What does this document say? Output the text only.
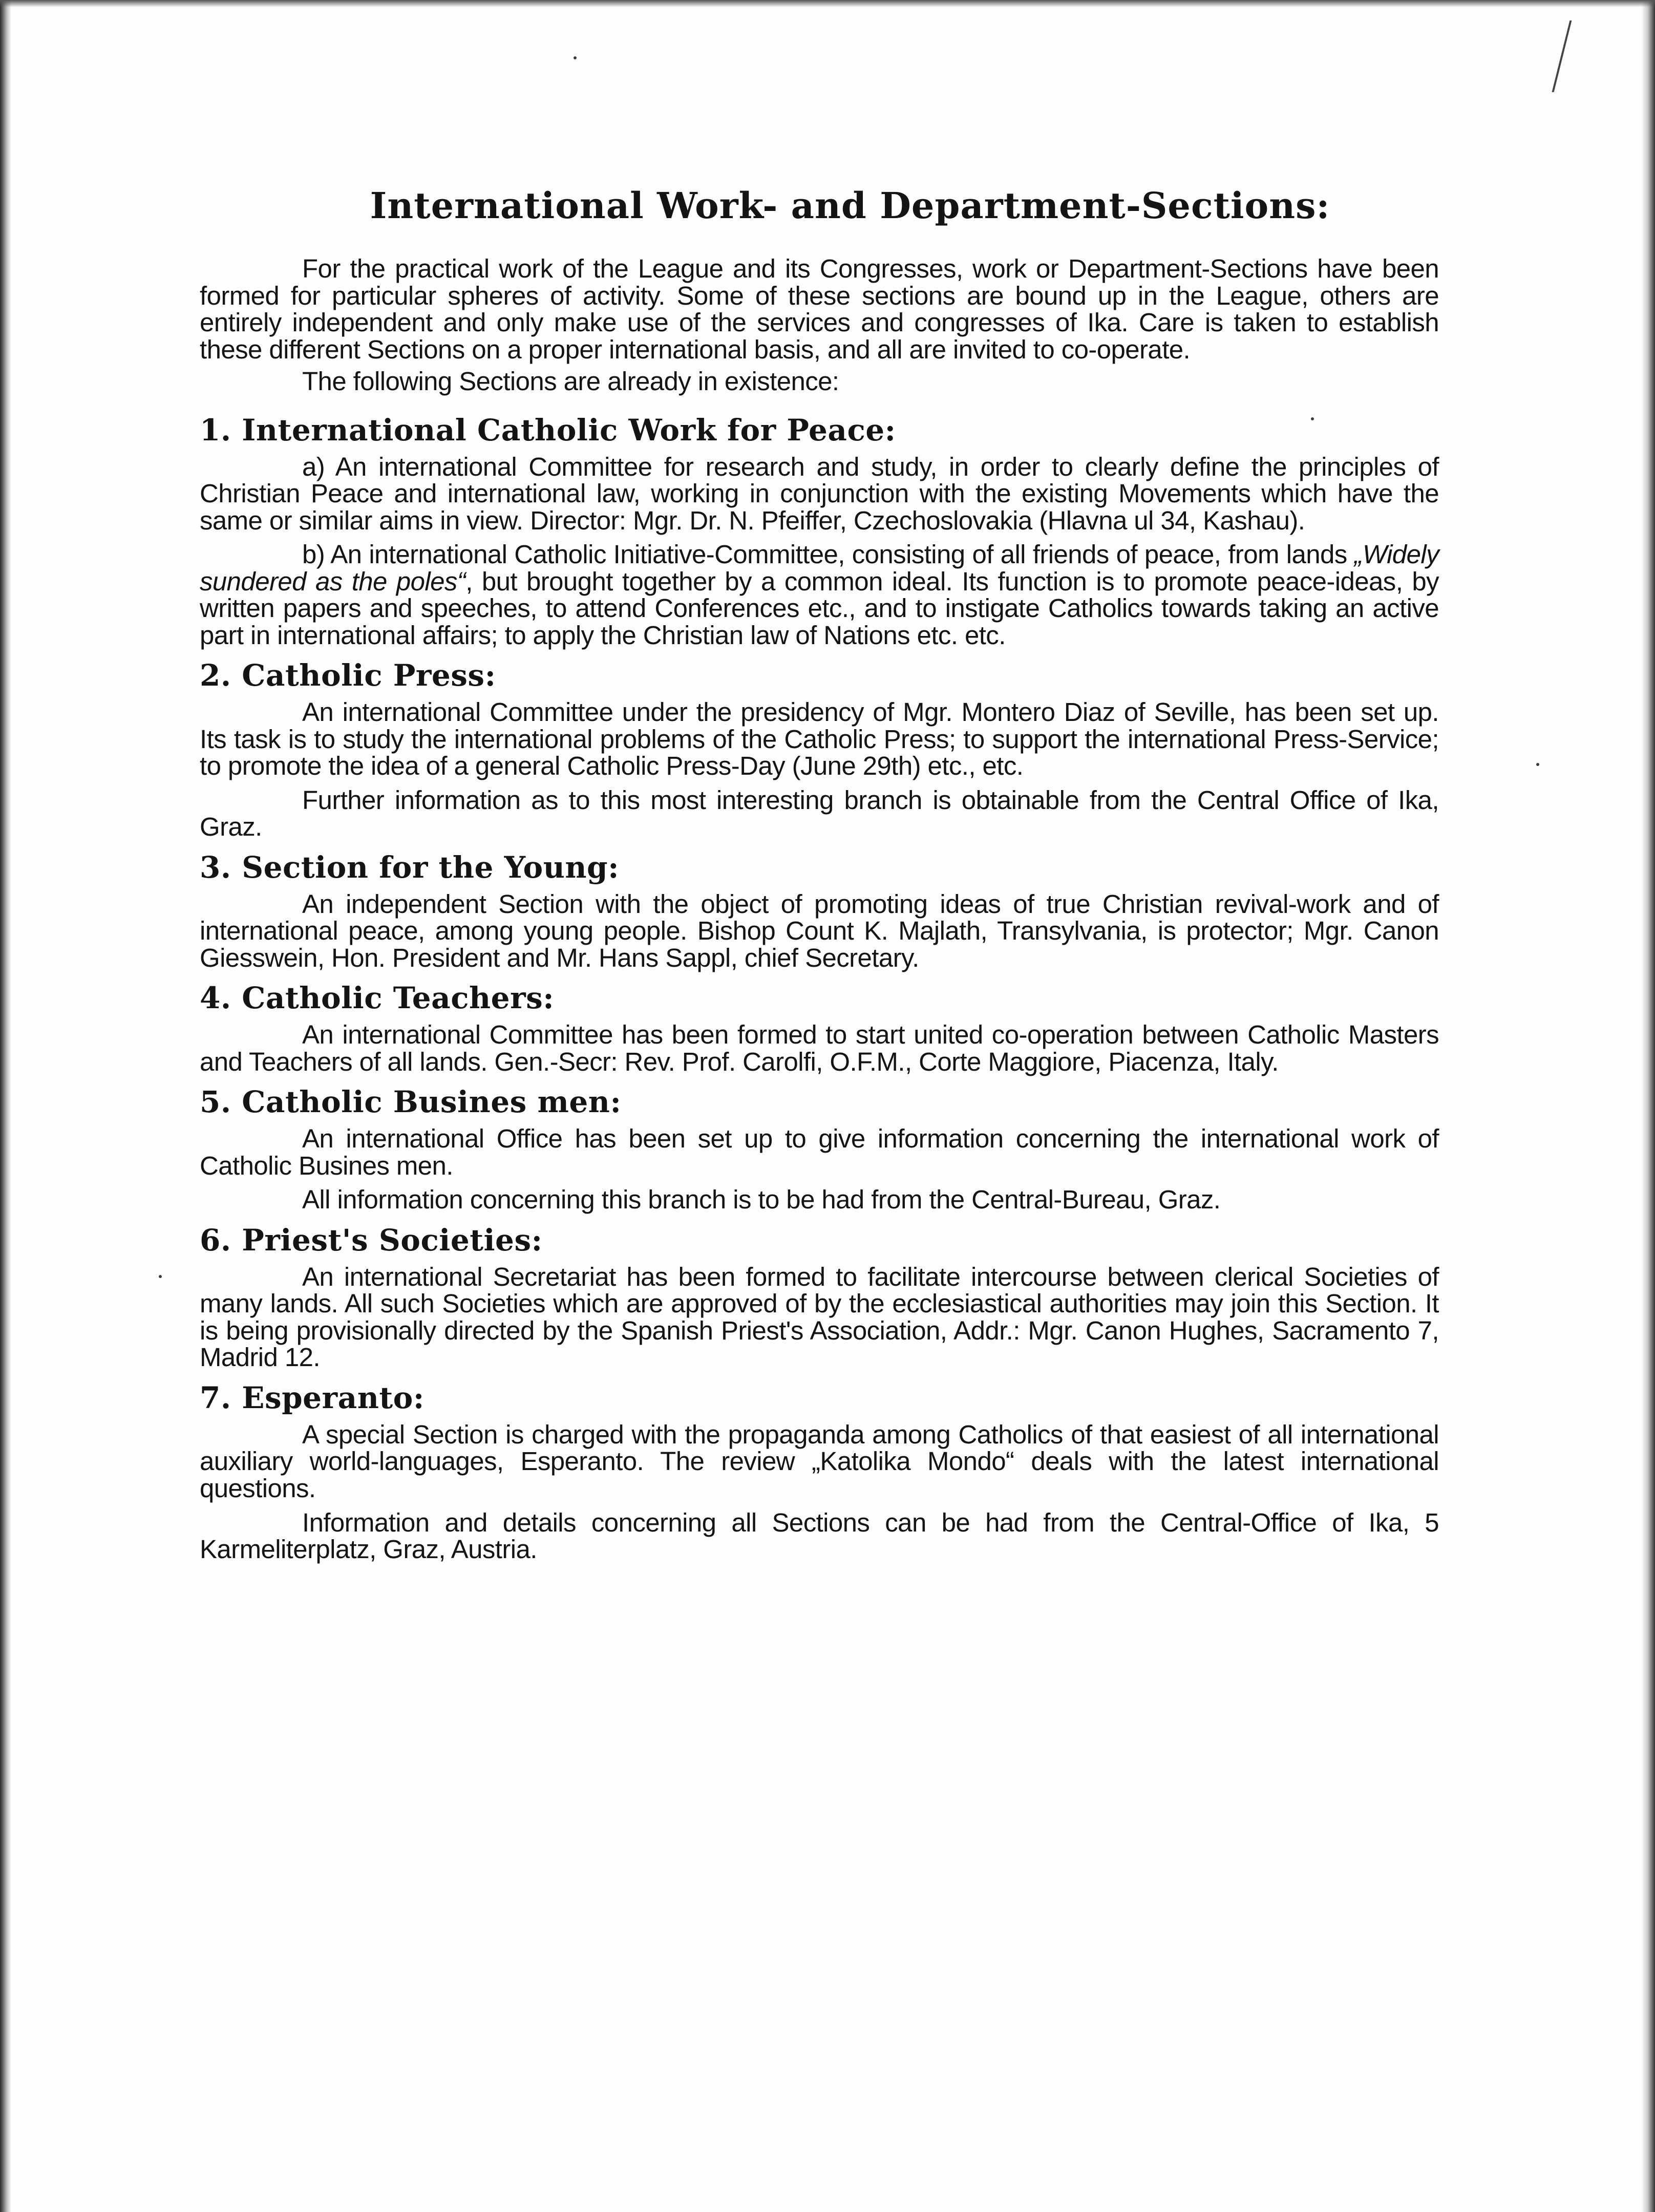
International Work- and Department-Sections:

For the practical work of the League and its Congresses, work or Department-Sections have been formed for particular spheres of activity. Some of these sections are bound up in the League, others are entirely independent and only make use of the services and congresses of Ika. Care is taken to establish these different Sections on a proper international basis, and all are invited to co-operate.

The following Sections are already in existence:

1. International Catholic Work for Peace:

a) An international Committee for research and study, in order to clearly define the principles of Christian Peace and international law, working in conjunction with the existing Movements which have the same or similar aims in view. Director: Mgr. Dr. N. Pfeiffer, Czechoslovakia (Hlavna ul 34, Kashau).

b) An international Catholic Initiative-Committee, consisting of all friends of peace, from lands „Widely sundered as the poles“, but brought together by a common ideal. Its function is to promote peace-ideas, by written papers and speeches, to attend Conferences etc., and to instigate Catholics towards taking an active part in international affairs; to apply the Christian law of Nations etc. etc.

2. Catholic Press:

An international Committee under the presidency of Mgr. Montero Diaz of Seville, has been set up. Its task is to study the international problems of the Catholic Press; to support the international Press-Service; to promote the idea of a general Catholic Press-Day (June 29th) etc., etc.

Further information as to this most interesting branch is obtainable from the Central Office of Ika, Graz.

3. Section for the Young:

An independent Section with the object of promoting ideas of true Christian revival-work and of international peace, among young people. Bishop Count K. Majlath, Transylvania, is protector; Mgr. Canon Giesswein, Hon. President and Mr. Hans Sappl, chief Secretary.

4. Catholic Teachers:

An international Committee has been formed to start united co-operation between Catholic Masters and Teachers of all lands. Gen.-Secr: Rev. Prof. Carolfi, O.F.M., Corte Maggiore, Piacenza, Italy.

5. Catholic Busines men:

An international Office has been set up to give information concerning the international work of Catholic Busines men.

All information concerning this branch is to be had from the Central-Bureau, Graz.

6. Priest's Societies:

An international Secretariat has been formed to facilitate intercourse between clerical Societies of many lands. All such Societies which are approved of by the ecclesiastical authorities may join this Section. It is being provisionally directed by the Spanish Priest's Association, Addr.: Mgr. Canon Hughes, Sacramento 7, Madrid 12.

7. Esperanto:

A special Section is charged with the propaganda among Catholics of that easiest of all international auxiliary world-languages, Esperanto. The review „Katolika Mondo“ deals with the latest international questions.

Information and details concerning all Sections can be had from the Central-Office of Ika, 5 Karmeliterplatz, Graz, Austria.
